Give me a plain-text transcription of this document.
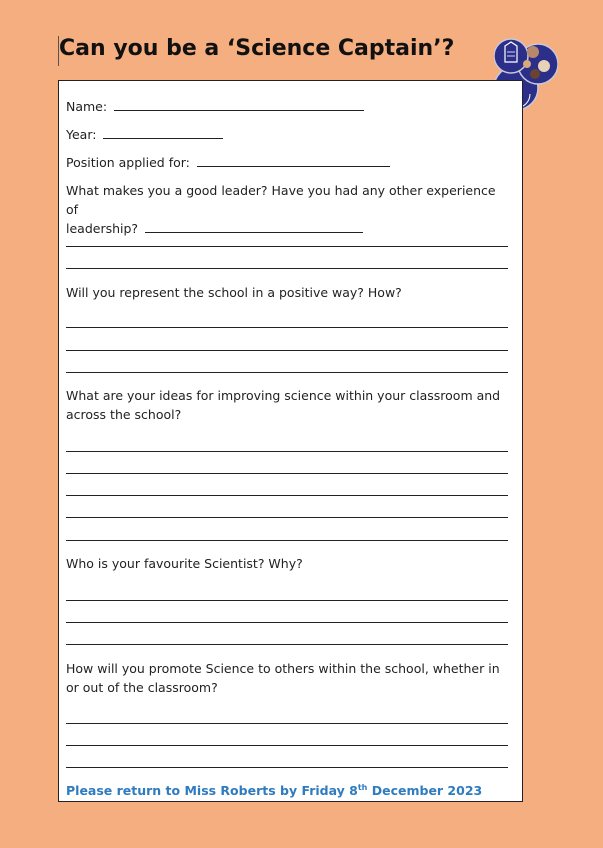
Can you be a ‘Science Captain’?
Name:
Year:
Position applied for:
What makes you a good leader? Have you had any other experience of
leadership?
Will you represent the school in a positive way? How?
What are your ideas for improving science within your classroom and across the school?
Who is your favourite Scientist? Why?
How will you promote Science to others within the school, whether in or out of the classroom?
Please return to Miss Roberts by Friday 8th December 2023
